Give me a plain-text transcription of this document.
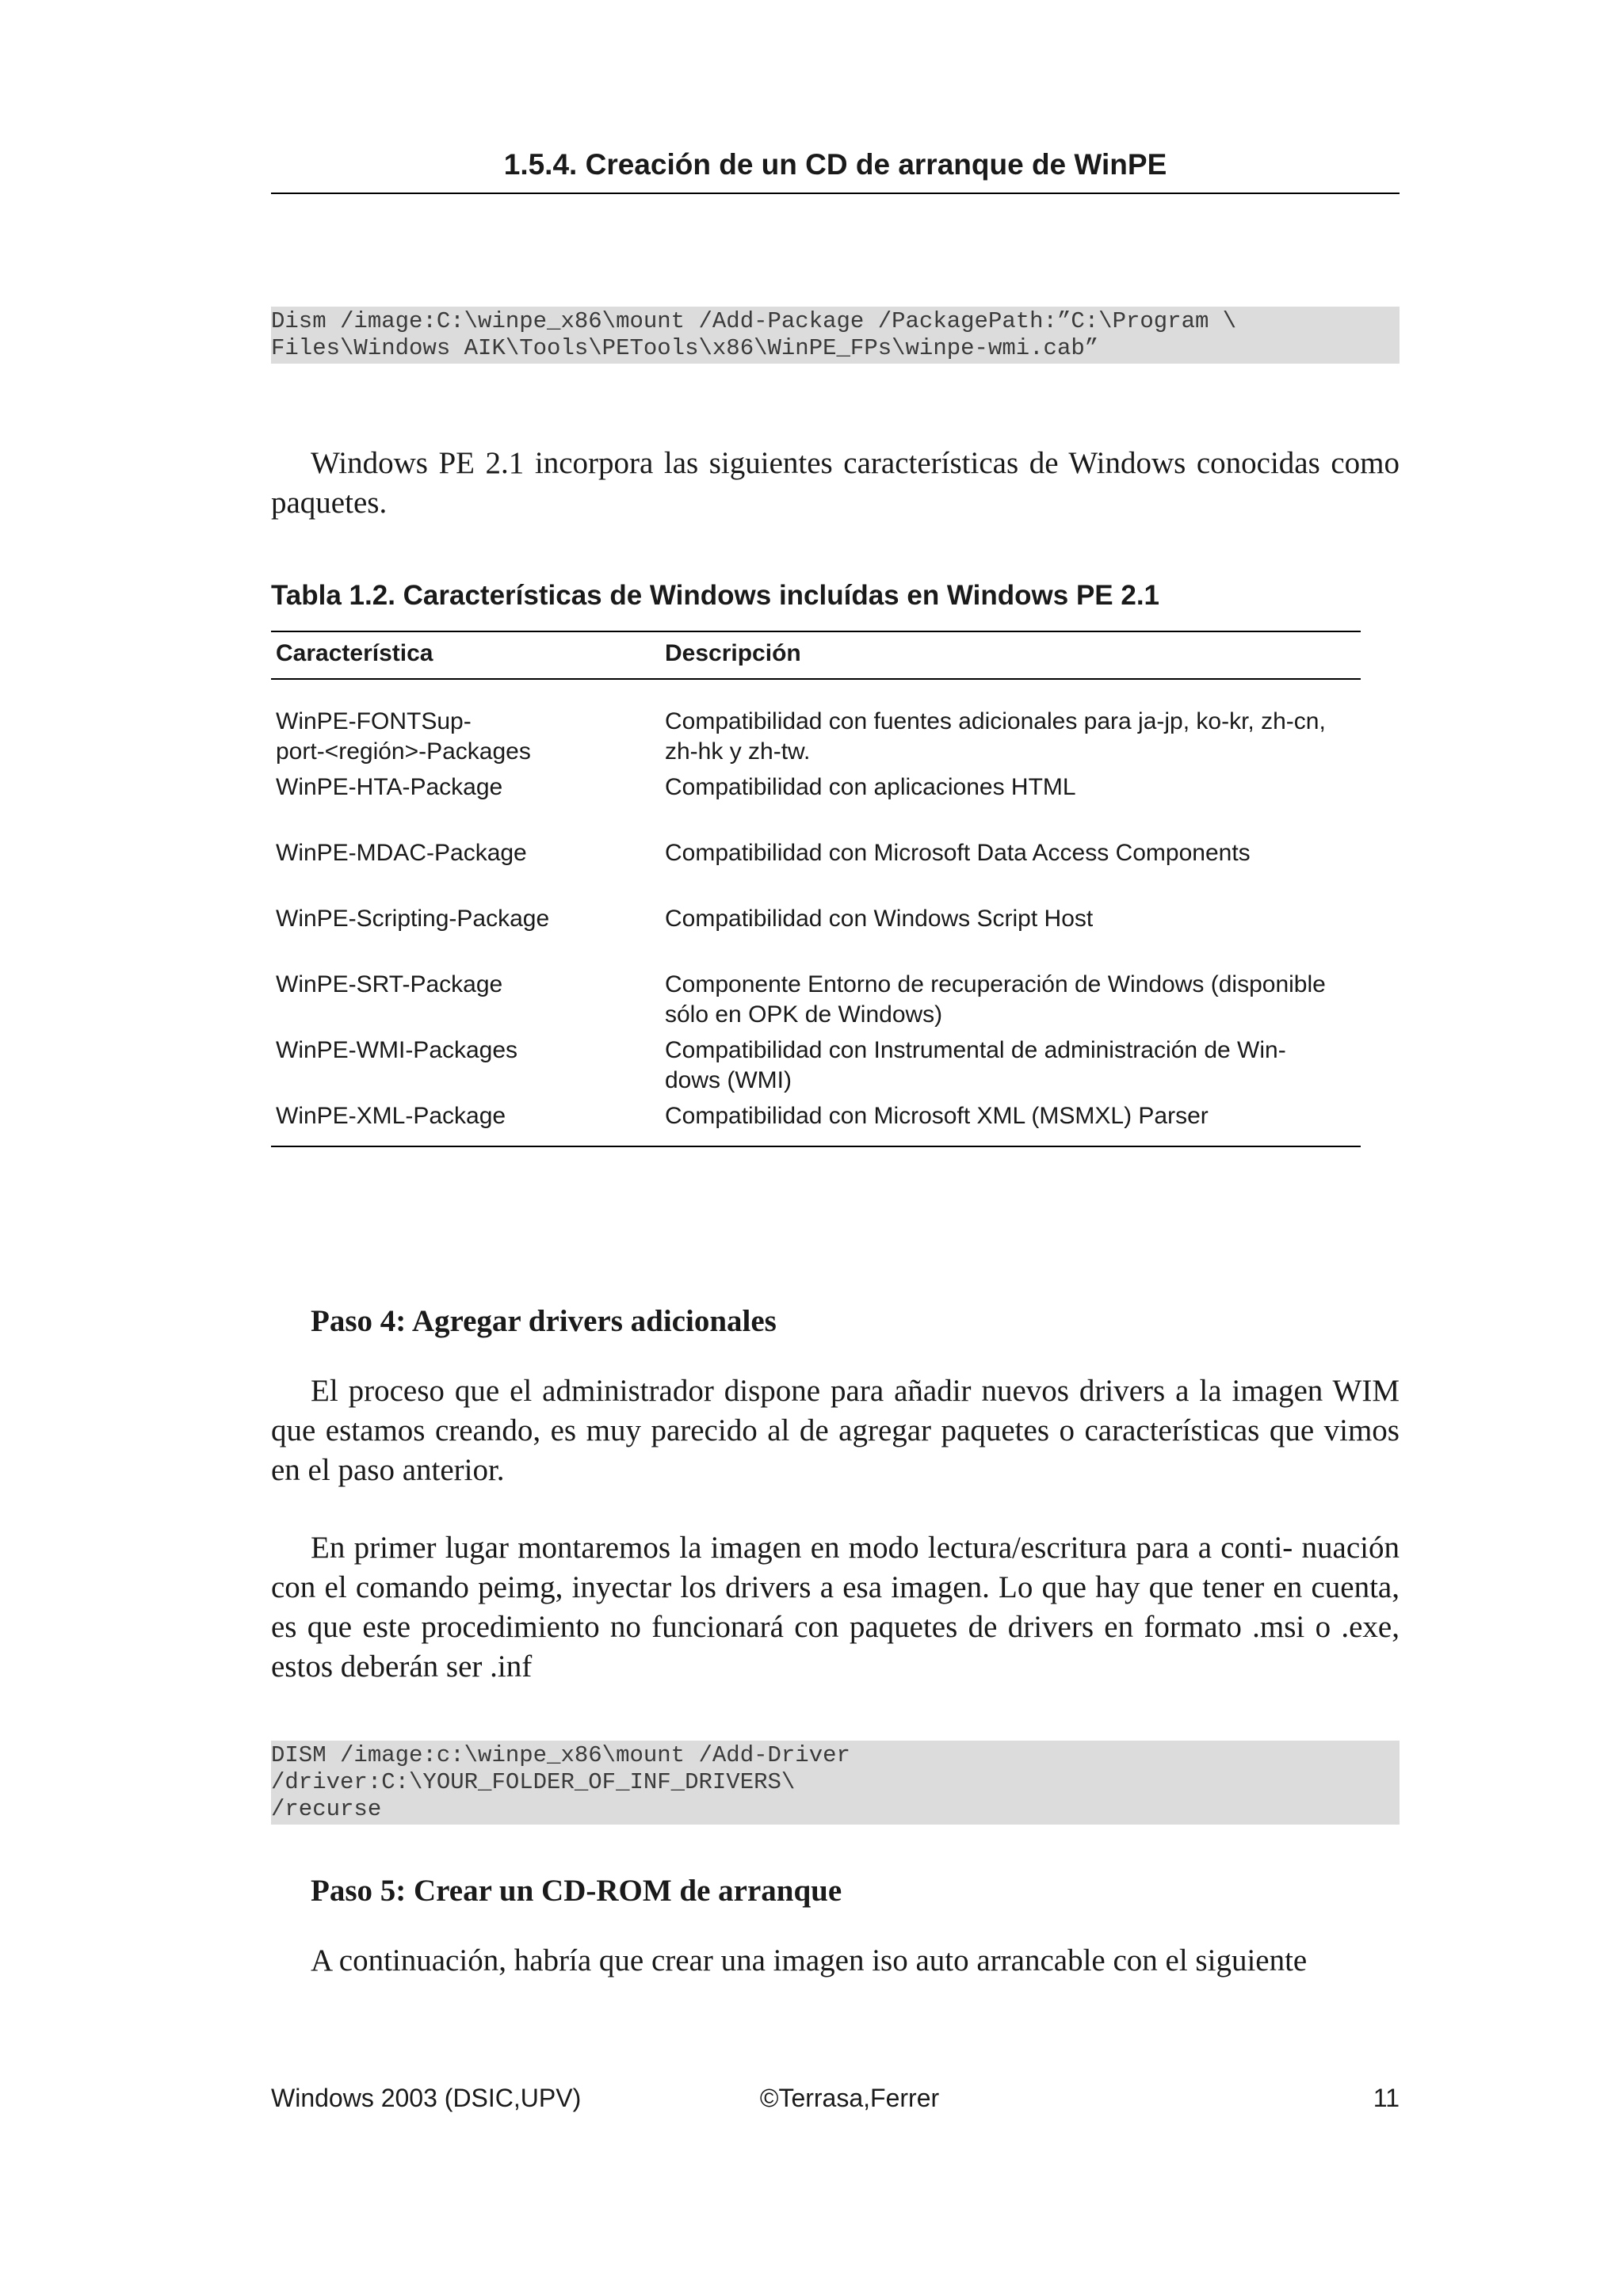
1.5.4. Creación de un CD de arranque de WinPE
Dism /image:C:\winpe_x86\mount /Add-Package /PackagePath:”C:\Program \
Files\Windows AIK\Tools\PETools\x86\WinPE_FPs\winpe-wmi.cab”

Windows PE 2.1 incorpora las siguientes características de Windows conocidas como paquetes.

Tabla 1.2. Características de Windows incluídas en Windows PE 2.1
Característica	Descripción
WinPE-FONTSup-
port-<región>-Packages	Compatibilidad con fuentes adicionales para ja-jp, ko-kr, zh-cn,
zh-hk y zh-tw.
WinPE-HTA-Package	Compatibilidad con aplicaciones HTML
WinPE-MDAC-Package	Compatibilidad con Microsoft Data Access Components
WinPE-Scripting-Package	Compatibilidad con Windows Script Host
WinPE-SRT-Package	Componente Entorno de recuperación de Windows (disponible
sólo en OPK de Windows)
WinPE-WMI-Packages	Compatibilidad con Instrumental de administración de Win-
dows (WMI)
WinPE-XML-Package	Compatibilidad con Microsoft XML (MSMXL) Parser
Paso 4: Agregar drivers adicionales

El proceso que el administrador dispone para añadir nuevos drivers a la imagen WIM que estamos creando, es muy parecido al de agregar paquetes o características que vimos en el paso anterior.

En primer lugar montaremos la imagen en modo lectura/escritura para a conti- nuación con el comando peimg, inyectar los drivers a esa imagen. Lo que hay que tener en cuenta, es que este procedimiento no funcionará con paquetes de drivers en formato .msi o .exe, estos deberán ser .inf

DISM /image:c:\winpe_x86\mount /Add-Driver
/driver:C:\YOUR_FOLDER_OF_INF_DRIVERS\
/recurse
Paso 5: Crear un CD-ROM de arranque

A continuación, habría que crear una imagen iso auto arrancable con el siguiente

Windows 2003 (DSIC,UPV)	©Terrasa,Ferrer	11
